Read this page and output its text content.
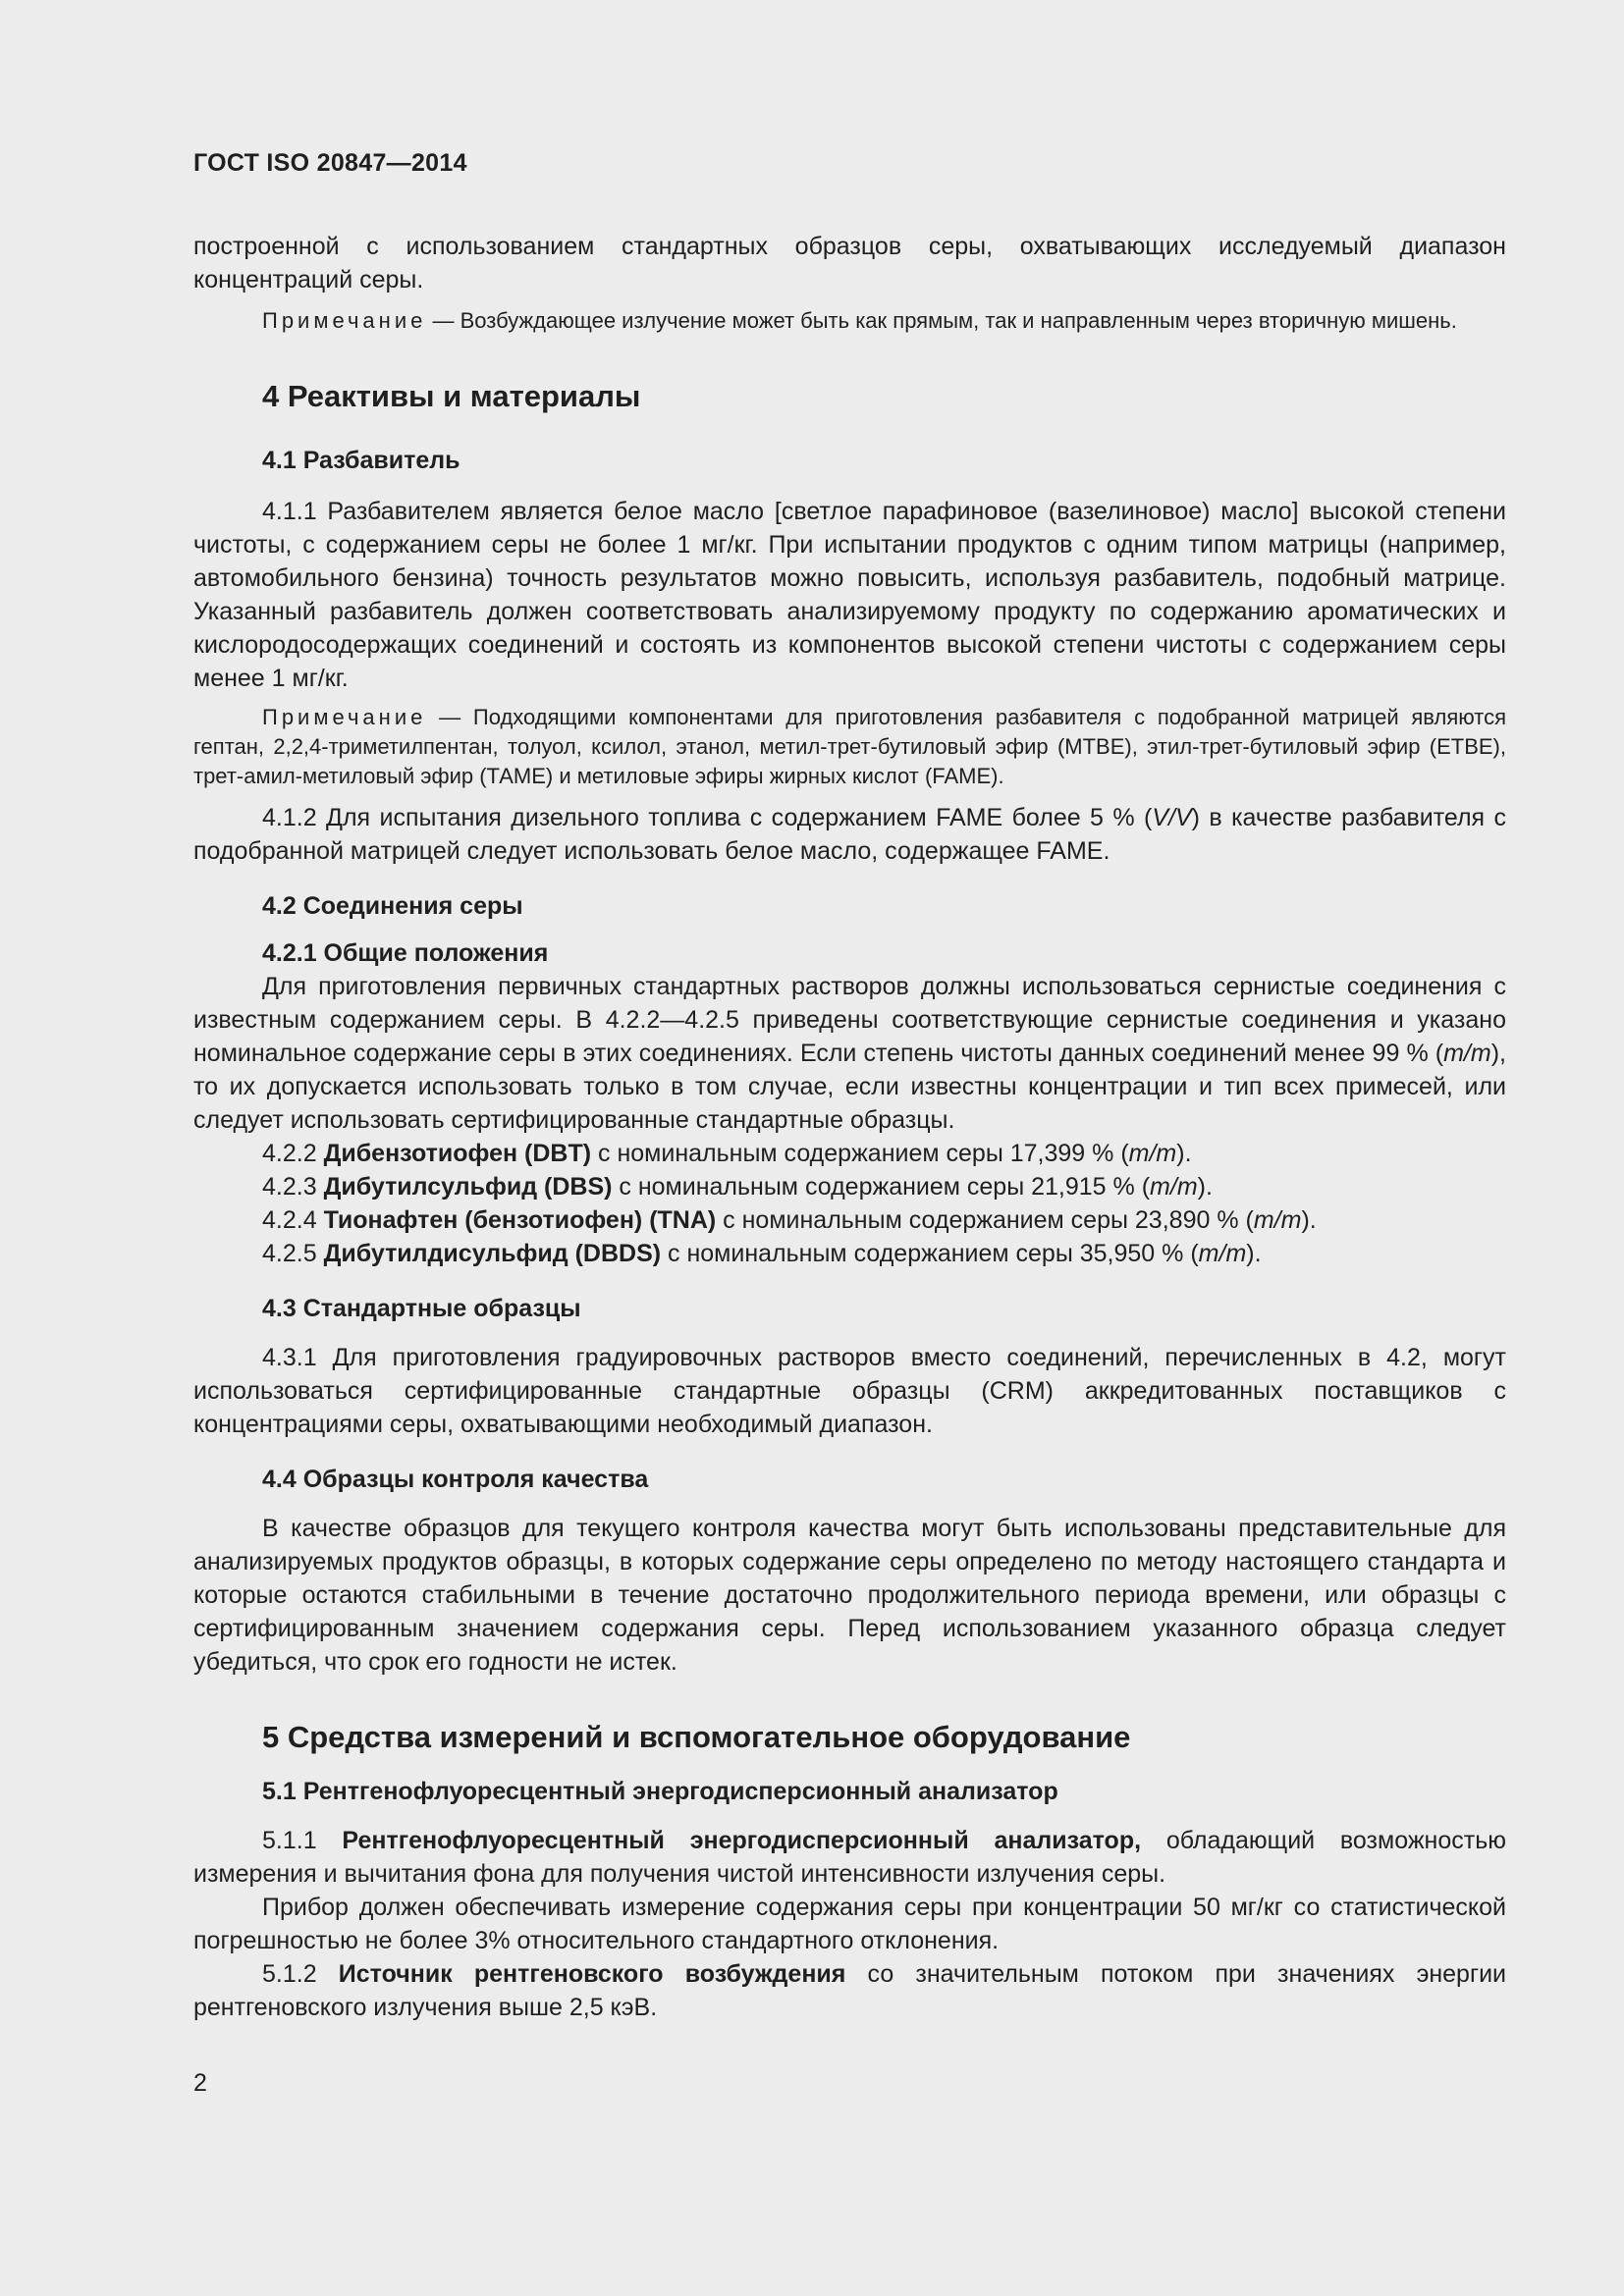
ГОСТ ISO 20847—2014

построенной с использованием стандартных образцов серы, охватывающих исследуемый диапазон концентраций серы.

Примечание — Возбуждающее излучение может быть как прямым, так и направленным через вторичную мишень.

4 Реактивы и материалы
4.1 Разбавитель

4.1.1 Разбавителем является белое масло [светлое парафиновое (вазелиновое) масло] высокой степени чистоты, с содержанием серы не более 1 мг/кг. При испытании продуктов с одним типом матрицы (например, автомобильного бензина) точность результатов можно повысить, используя разбавитель, подобный матрице. Указанный разбавитель должен соответствовать анализируемому продукту по содержанию ароматических и кислородосодержащих соединений и состоять из компонентов высокой степени чистоты с содержанием серы менее 1 мг/кг.

Примечание — Подходящими компонентами для приготовления разбавителя с подобранной матрицей являются гептан, 2,2,4-триметилпентан, толуол, ксилол, этанол, метил-трет-бутиловый эфир (МТВЕ), этил-трет-бутиловый эфир (ЕТВЕ), трет-амил-метиловый эфир (ТАМЕ) и метиловые эфиры жирных кислот (FAME).

4.1.2 Для испытания дизельного топлива с содержанием FAME более 5 % (V/V) в качестве разбавителя с подобранной матрицей следует использовать белое масло, содержащее FAME.

4.2 Соединения серы
4.2.1 Общие положения

Для приготовления первичных стандартных растворов должны использоваться сернистые соединения с известным содержанием серы. В 4.2.2—4.2.5 приведены соответствующие сернистые соединения и указано номинальное содержание серы в этих соединениях. Если степень чистоты данных соединений менее 99 % (m/m), то их допускается использовать только в том случае, если известны концентрации и тип всех примесей, или следует использовать сертифицированные стандартные образцы.

4.2.2 Дибензотиофен (DBT) с номинальным содержанием серы 17,399 % (m/m).

4.2.3 Дибутилсульфид (DBS) с номинальным содержанием серы 21,915 % (m/m).

4.2.4 Тионафтен (бензотиофен) (TNA) с номинальным содержанием серы 23,890 % (m/m).

4.2.5 Дибутилдисульфид (DBDS) с номинальным содержанием серы 35,950 % (m/m).

4.3 Стандартные образцы

4.3.1 Для приготовления градуировочных растворов вместо соединений, перечисленных в 4.2, могут использоваться сертифицированные стандартные образцы (CRM) аккредитованных поставщиков с концентрациями серы, охватывающими необходимый диапазон.

4.4 Образцы контроля качества

В качестве образцов для текущего контроля качества могут быть использованы представительные для анализируемых продуктов образцы, в которых содержание серы определено по методу настоящего стандарта и которые остаются стабильными в течение достаточно продолжительного периода времени, или образцы с сертифицированным значением содержания серы. Перед использованием указанного образца следует убедиться, что срок его годности не истек.

5 Средства измерений и вспомогательное оборудование
5.1 Рентгенофлуоресцентный энергодисперсионный анализатор

5.1.1 Рентгенофлуоресцентный энергодисперсионный анализатор, обладающий возможностью измерения и вычитания фона для получения чистой интенсивности излучения серы.

Прибор должен обеспечивать измерение содержания серы при концентрации 50 мг/кг со статистической погрешностью не более 3% относительного стандартного отклонения.

5.1.2 Источник рентгеновского возбуждения со значительным потоком при значениях энергии рентгеновского излучения выше 2,5 кэВ.

2
